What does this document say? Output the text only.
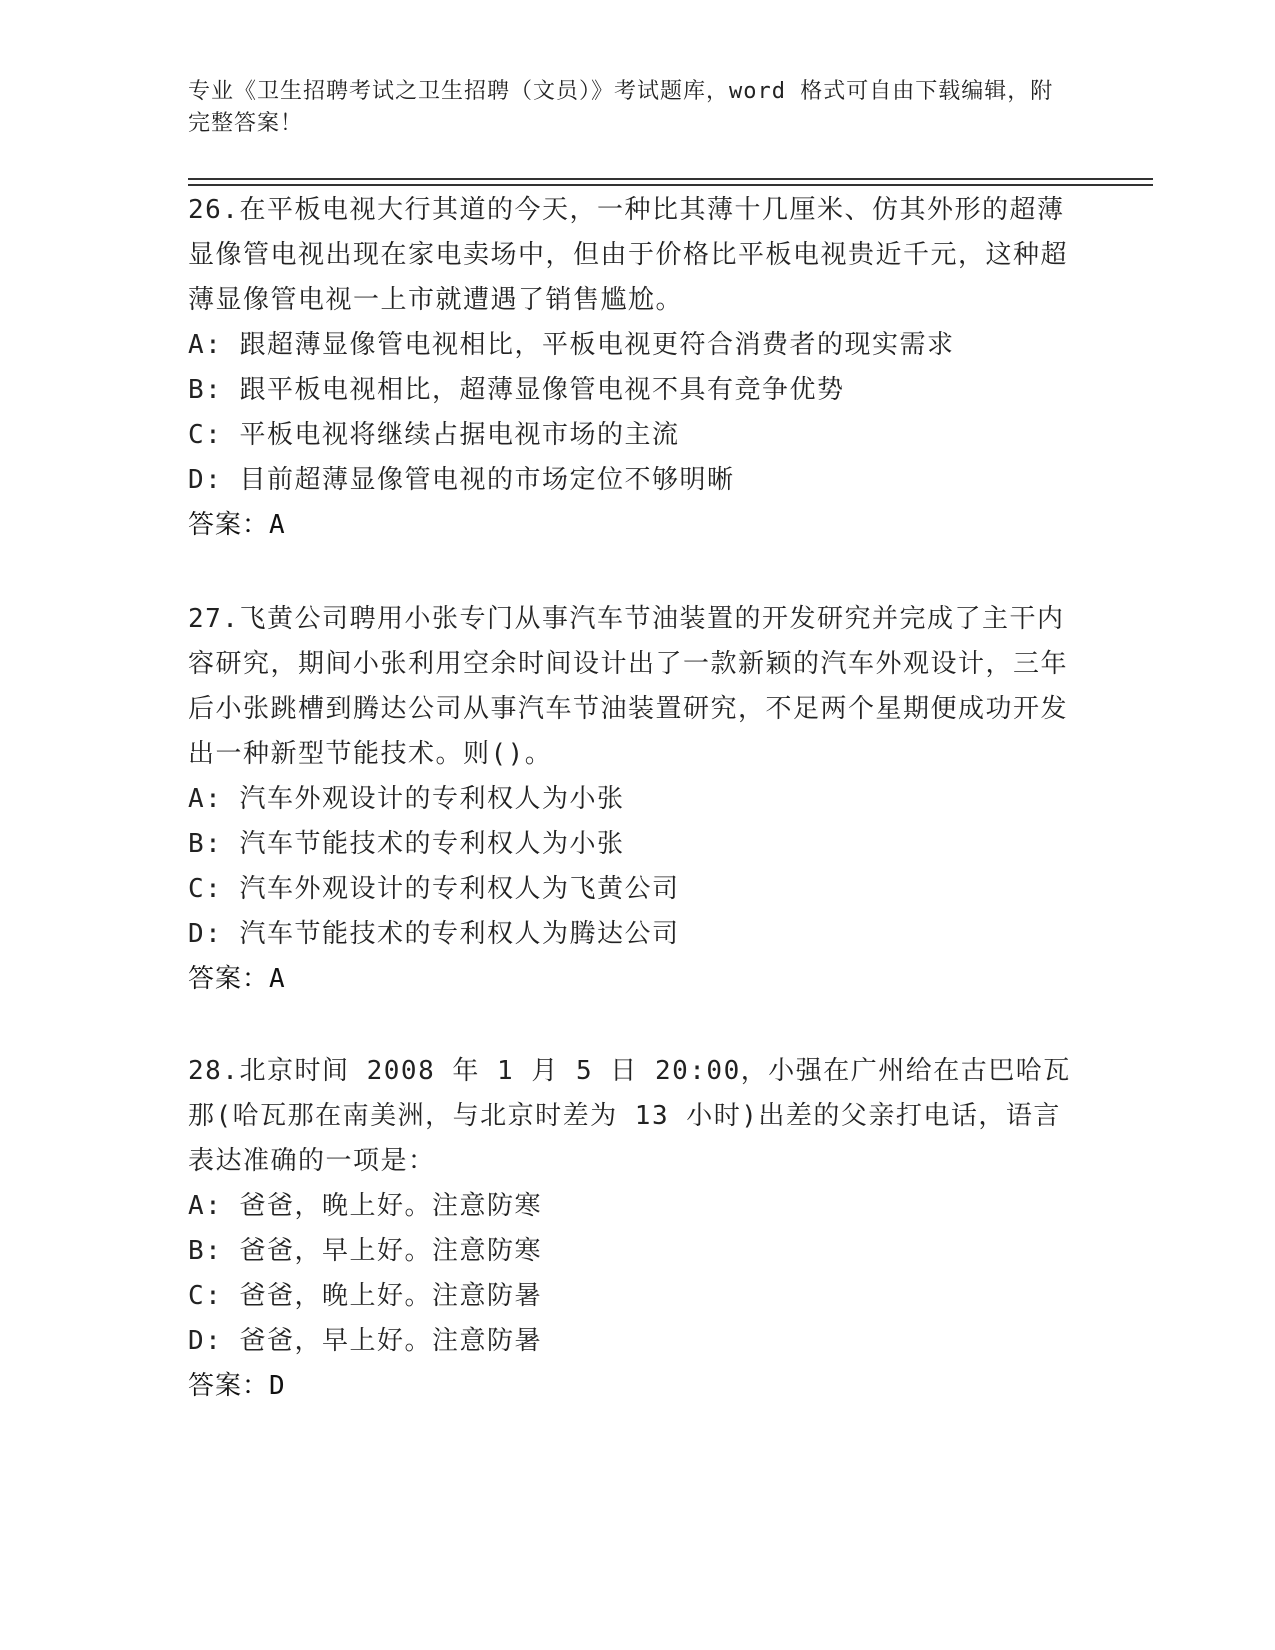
专业《卫生招聘考试之卫生招聘（文员）》考试题库，word 格式可自由下载编辑，附完整答案！
26.在平板电视大行其道的今天，一种比其薄十几厘米、仿其外形的超薄显像管电视出现在家电卖场中，但由于价格比平板电视贵近千元，这种超薄显像管电视一上市就遭遇了销售尴尬。
A: 跟超薄显像管电视相比，平板电视更符合消费者的现实需求
B: 跟平板电视相比，超薄显像管电视不具有竞争优势
C: 平板电视将继续占据电视市场的主流
D: 目前超薄显像管电视的市场定位不够明晰
答案：A
27.飞黄公司聘用小张专门从事汽车节油装置的开发研究并完成了主干内容研究，期间小张利用空余时间设计出了一款新颖的汽车外观设计，三年后小张跳槽到腾达公司从事汽车节油装置研究，不足两个星期便成功开发出一种新型节能技术。则()。
A: 汽车外观设计的专利权人为小张
B: 汽车节能技术的专利权人为小张
C: 汽车外观设计的专利权人为飞黄公司
D: 汽车节能技术的专利权人为腾达公司
答案：A
28.北京时间 2008 年 1 月 5 日 20:00，小强在广州给在古巴哈瓦那(哈瓦那在南美洲，与北京时差为 13 小时)出差的父亲打电话，语言表达准确的一项是：
A: 爸爸，晚上好。注意防寒
B: 爸爸，早上好。注意防寒
C: 爸爸，晚上好。注意防暑
D: 爸爸，早上好。注意防暑
答案：D
